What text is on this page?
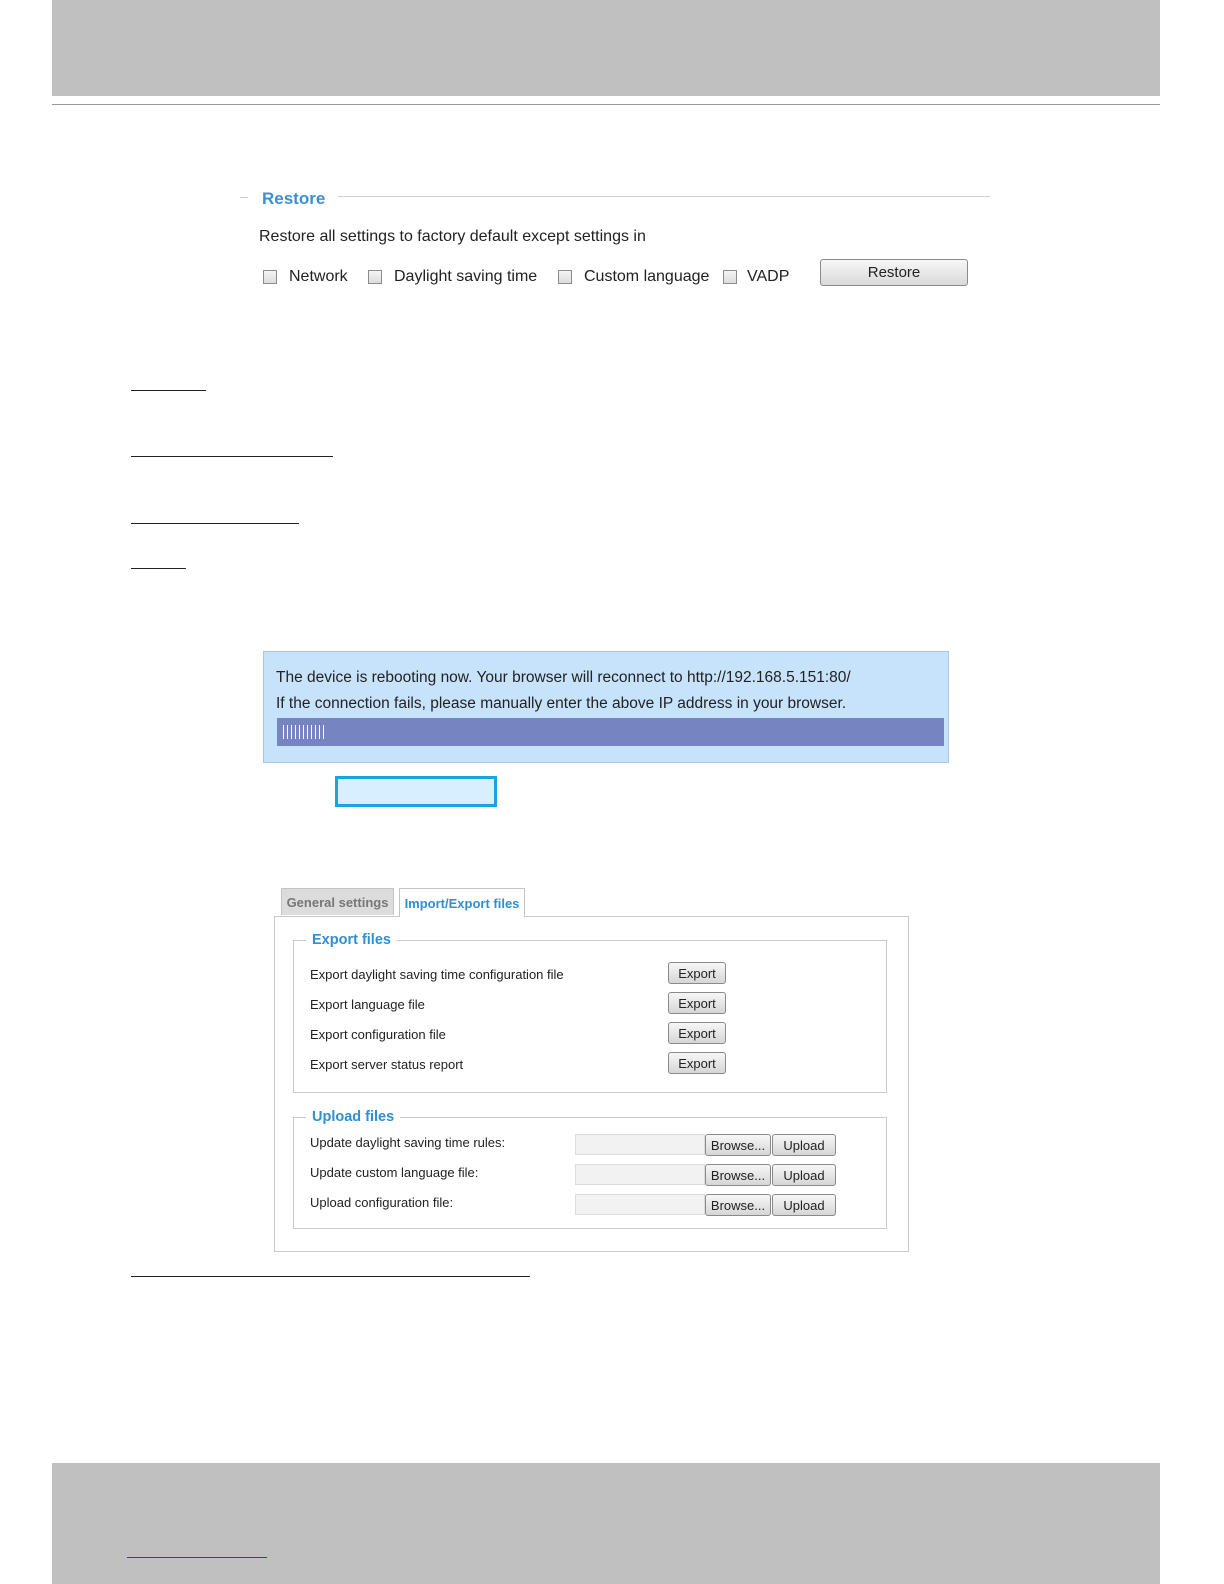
Restore
Restore all settings to factory default except settings in
Network	Daylight saving time	Custom language VADP	Restore
The device is rebooting now. Your browser will reconnect to http://192.168.5.151:80/
If the connection fails, please manually enter the above IP address in your browser.
General settings	Import/Export files
Export files
Export daylight saving time configuration file	Export
Export language file	Export
Export configuration file	Export
Export server status report	Export
Upload files
Update daylight saving time rules:	Browse...	Upload
Update custom language file:	Browse...	Upload
Upload configuration file:	Browse...	Upload
